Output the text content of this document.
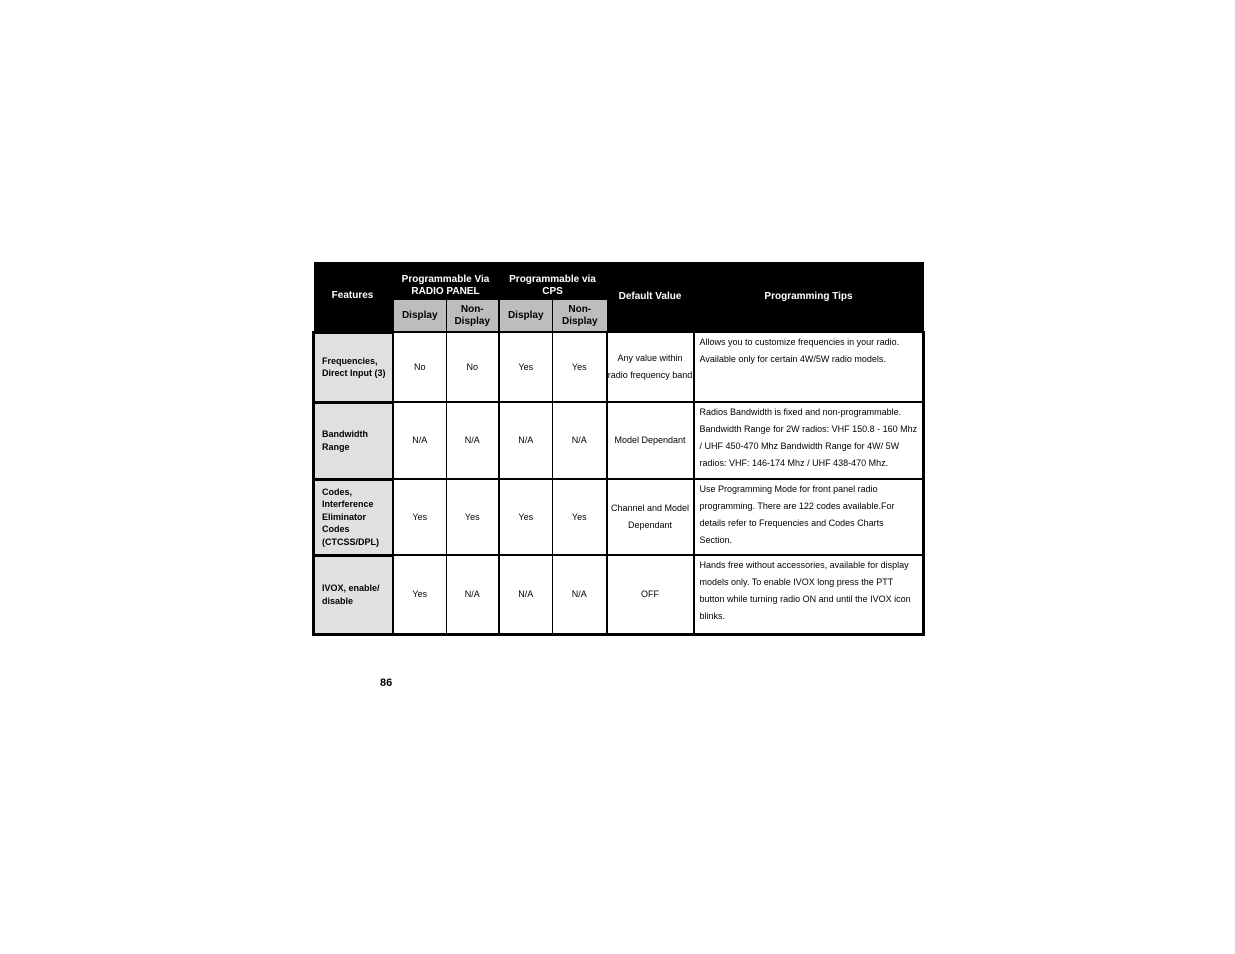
Features	Programmable Via RADIO PANEL		Programmable via CPS		Default Value	Programming Tips
	Display	Non-Display	Display	Non-Display		
Frequencies, Direct Input (3)	No	No	Yes	Yes	Any value within radio frequency band	Allows you to customize frequencies in your radio. Available only for certain 4W/5W radio models.
Bandwidth Range	N/A	N/A	N/A	N/A	Model Dependant	Radios Bandwidth is fixed and non-programmable. Bandwidth Range for 2W radios: VHF 150.8 - 160 Mhz / UHF 450-470 Mhz Bandwidth Range for 4W/ 5W radios: VHF: 146-174 Mhz / UHF 438-470 Mhz.
Codes, Interference Eliminator Codes (CTCSS/DPL)	Yes	Yes	Yes	Yes	Channel and Model Dependant	Use Programming Mode for front panel radio programming. There are 122 codes available.For details refer to Frequencies and Codes Charts Section.
IVOX, enable/ disable	Yes	N/A	N/A	N/A	OFF	Hands free without accessories, available for display models only. To enable IVOX long press the PTT button while turning radio ON and until the IVOX icon blinks.
86
